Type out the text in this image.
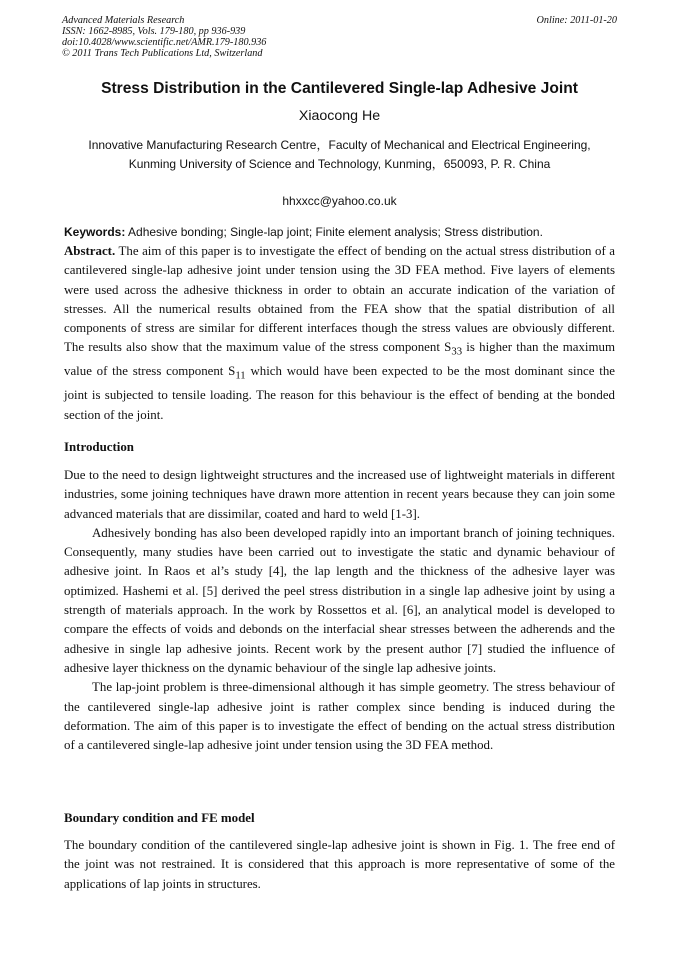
Advanced Materials Research
ISSN: 1662-8985, Vols. 179-180, pp 936-939
doi:10.4028/www.scientific.net/AMR.179-180.936
© 2011 Trans Tech Publications Ltd, Switzerland
Online: 2011-01-20
Stress Distribution in the Cantilevered Single-lap Adhesive Joint
Xiaocong He
Innovative Manufacturing Research Centre，Faculty of Mechanical and Electrical Engineering,
Kunming University of Science and Technology, Kunming，650093, P. R. China
hhxxcc@yahoo.co.uk
Keywords: Adhesive bonding; Single-lap joint; Finite element analysis; Stress distribution.
Abstract. The aim of this paper is to investigate the effect of bending on the actual stress distribution of a cantilevered single-lap adhesive joint under tension using the 3D FEA method. Five layers of elements were used across the adhesive thickness in order to obtain an accurate indication of the variation of stresses. All the numerical results obtained from the FEA show that the spatial distribution of all components of stress are similar for different interfaces though the stress values are obviously different. The results also show that the maximum value of the stress component $S_{33}$ is higher than the maximum value of the stress component $S_{11}$ which would have been expected to be the most dominant since the joint is subjected to tensile loading. The reason for this behaviour is the effect of bending at the bonded section of the joint.
Introduction
Due to the need to design lightweight structures and the increased use of lightweight materials in different industries, some joining techniques have drawn more attention in recent years because they can join some advanced materials that are dissimilar, coated and hard to weld [1-3].
Adhesively bonding has also been developed rapidly into an important branch of joining techniques. Consequently, many studies have been carried out to investigate the static and dynamic behaviour of adhesive joint. In Raos et al’s study [4], the lap length and the thickness of the adhesive layer was optimized. Hashemi et al. [5] derived the peel stress distribution in a single lap adhesive joint by using a strength of materials approach. In the work by Rossettos et al. [6], an analytical model is developed to compare the effects of voids and debonds on the interfacial shear stresses between the adherends and the adhesive in single lap adhesive joints. Recent work by the present author [7] studied the influence of adhesive layer thickness on the dynamic behaviour of the single lap adhesive joints.
The lap-joint problem is three-dimensional although it has simple geometry. The stress behaviour of the cantilevered single-lap adhesive joint is rather complex since bending is induced during the deformation. The aim of this paper is to investigate the effect of bending on the actual stress distribution of a cantilevered single-lap adhesive joint under tension using the 3D FEA method.
Boundary condition and FE model
The boundary condition of the cantilevered single-lap adhesive joint is shown in Fig. 1. The free end of the joint was not restrained. It is considered that this approach is more representative of some of the applications of lap joints in structures.
